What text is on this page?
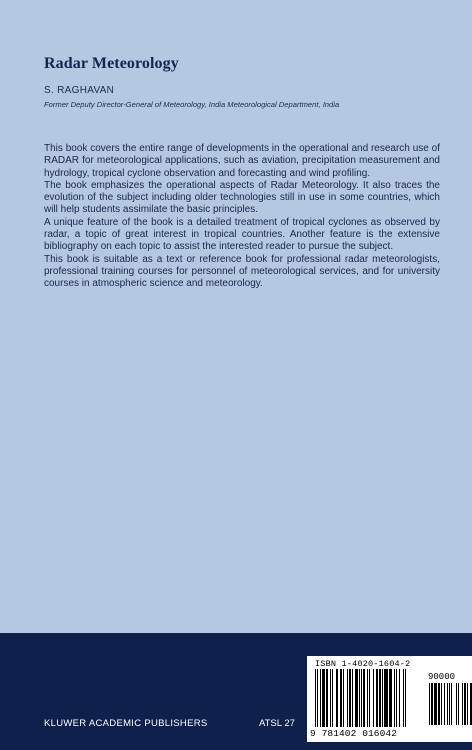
Radar Meteorology
S. RAGHAVAN
Former Deputy Director-General of Meteorology, India Meteorological Department, India

This book covers the entire range of developments in the operational and research use of RADAR for meteorological applications, such as aviation, precipitation measurement and hydrology, tropical cyclone observation and forecasting and wind profiling.

The book emphasizes the operational aspects of Radar Meteorology. It also traces the evolution of the subject including older technologies still in use in some countries, which will help students assimilate the basic principles.

A unique feature of the book is a detailed treatment of tropical cyclones as observed by radar, a topic of great interest in tropical countries. Another feature is the extensive bibliography on each topic to assist the interested reader to pursue the subject.

This book is suitable as a text or reference book for professional radar meteorologists, professional training courses for personnel of meteorological services, and for university courses in atmospheric science and meteorology.

ISBN 1-4020-1604-2
90000
9 781402 016042
KLUWER ACADEMIC PUBLISHERS	ATSL 27
